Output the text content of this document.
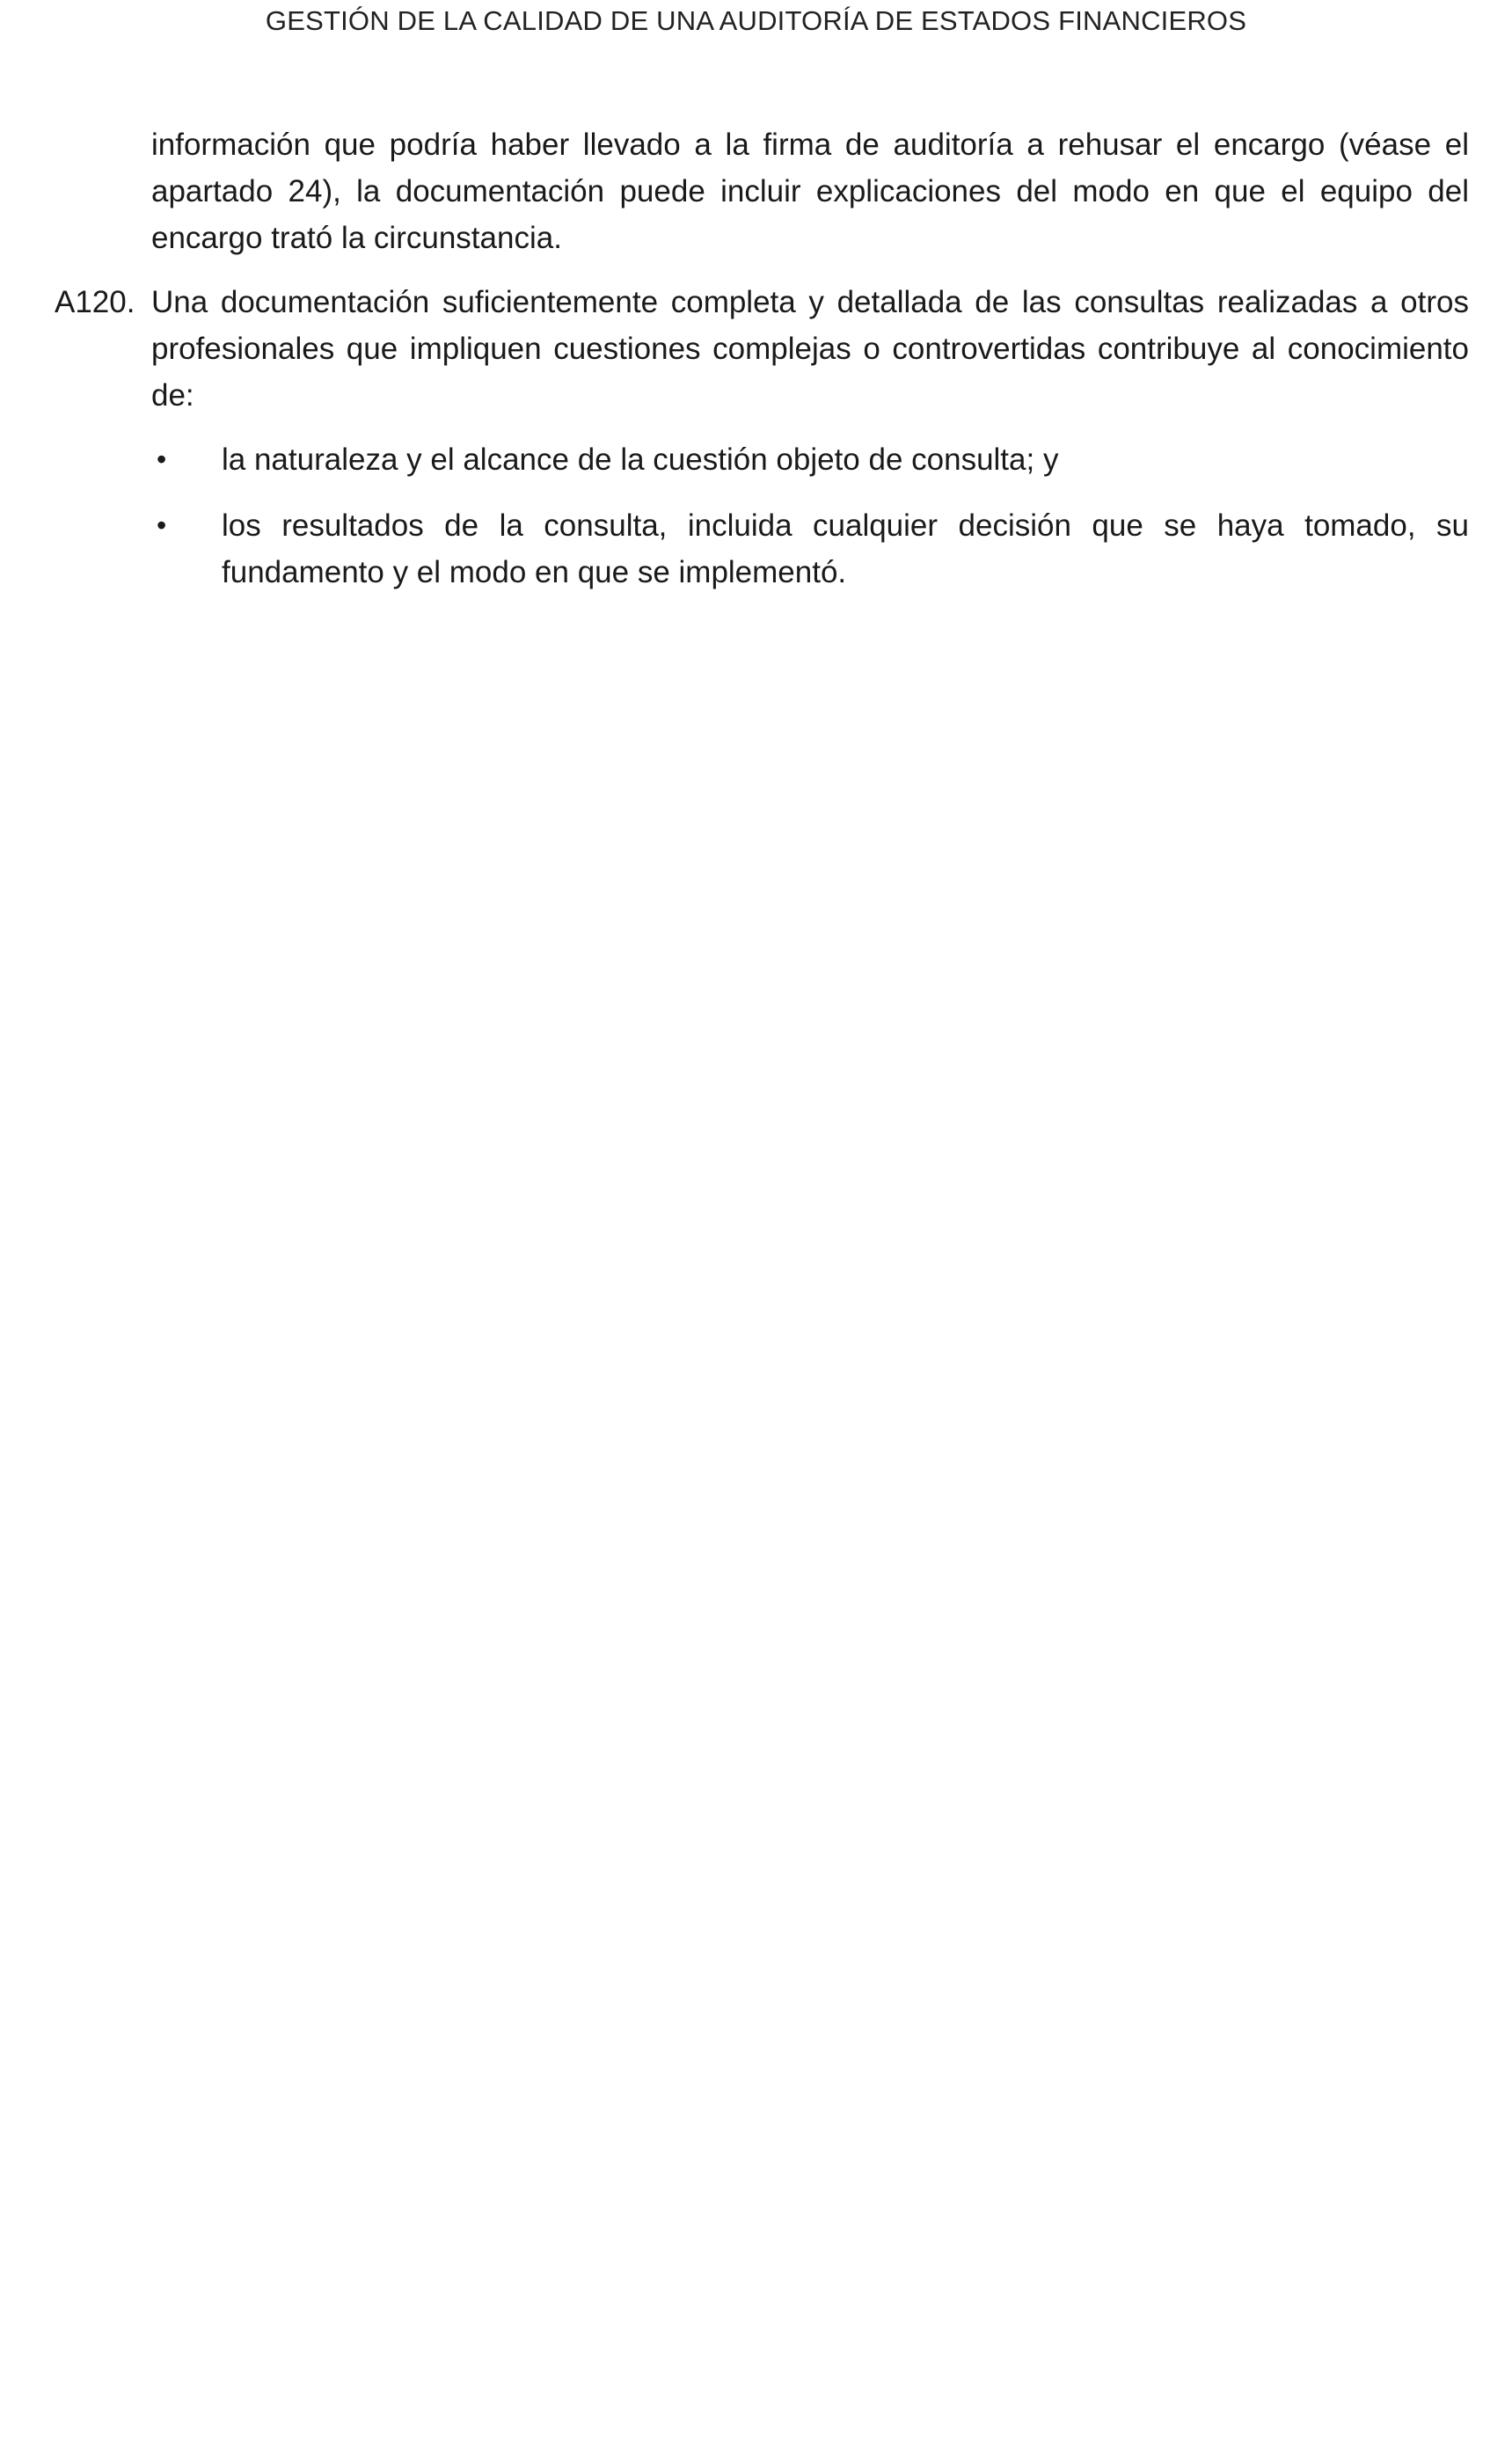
GESTIÓN DE LA CALIDAD DE UNA AUDITORÍA DE ESTADOS FINANCIEROS
información que podría haber llevado a la firma de auditoría a rehusar el encargo (véase el apartado 24), la documentación puede incluir explicaciones del modo en que el equipo del encargo trató la circunstancia.
A120. Una documentación suficientemente completa y detallada de las consultas realizadas a otros profesionales que impliquen cuestiones complejas o controvertidas contribuye al conocimiento de:
•	la naturaleza y el alcance de la cuestión objeto de consulta; y
•	los resultados de la consulta, incluida cualquier decisión que se haya tomado, su fundamento y el modo en que se implementó.
